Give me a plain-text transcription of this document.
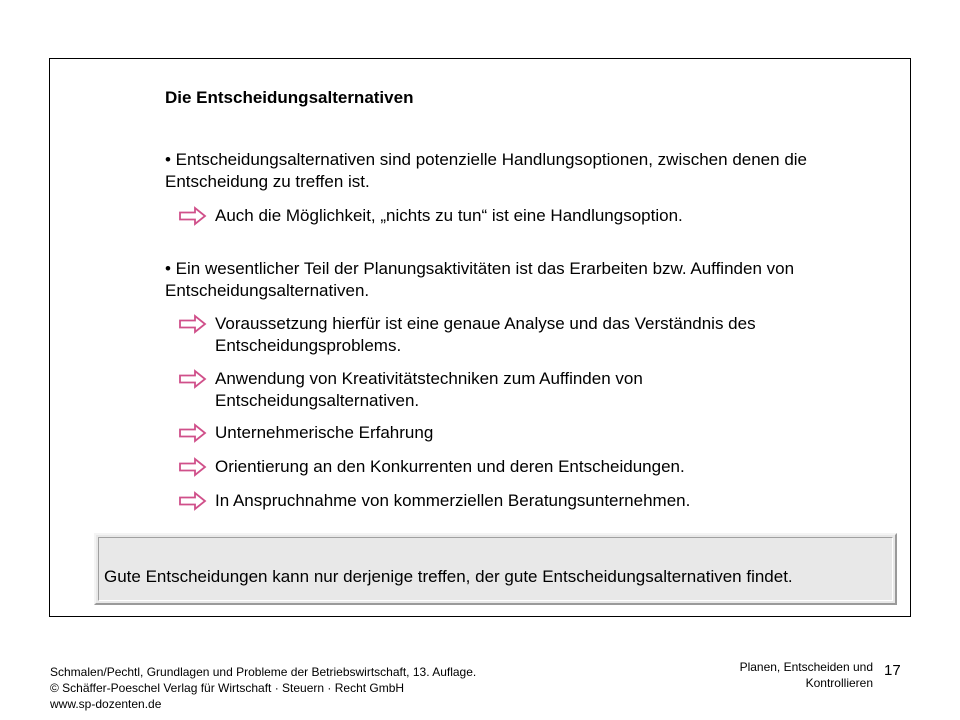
Die Entscheidungsalternativen
• Entscheidungsalternativen sind potenzielle Handlungsoptionen, zwischen denen die Entscheidung zu treffen ist.
Auch die Möglichkeit, „nichts zu tun“ ist eine Handlungsoption.
• Ein wesentlicher Teil der Planungsaktivitäten ist das Erarbeiten bzw. Auffinden von Entscheidungsalternativen.
Voraussetzung hierfür ist eine genaue Analyse und das Verständnis des Entscheidungsproblems.
Anwendung von Kreativitätstechniken zum Auffinden von Entscheidungsalternativen.
Unternehmerische Erfahrung
Orientierung an den Konkurrenten und deren Entscheidungen.
In Anspruchnahme von kommerziellen Beratungsunternehmen.
Gute Entscheidungen kann nur derjenige treffen, der gute Entscheidungsalternativen findet.
Schmalen/Pechtl, Grundlagen und Probleme der Betriebswirtschaft, 13. Auflage.
© Schäffer-Poeschel Verlag für Wirtschaft · Steuern · Recht GmbH
www.sp-dozenten.de
Planen, Entscheiden und
Kontrollieren
17
